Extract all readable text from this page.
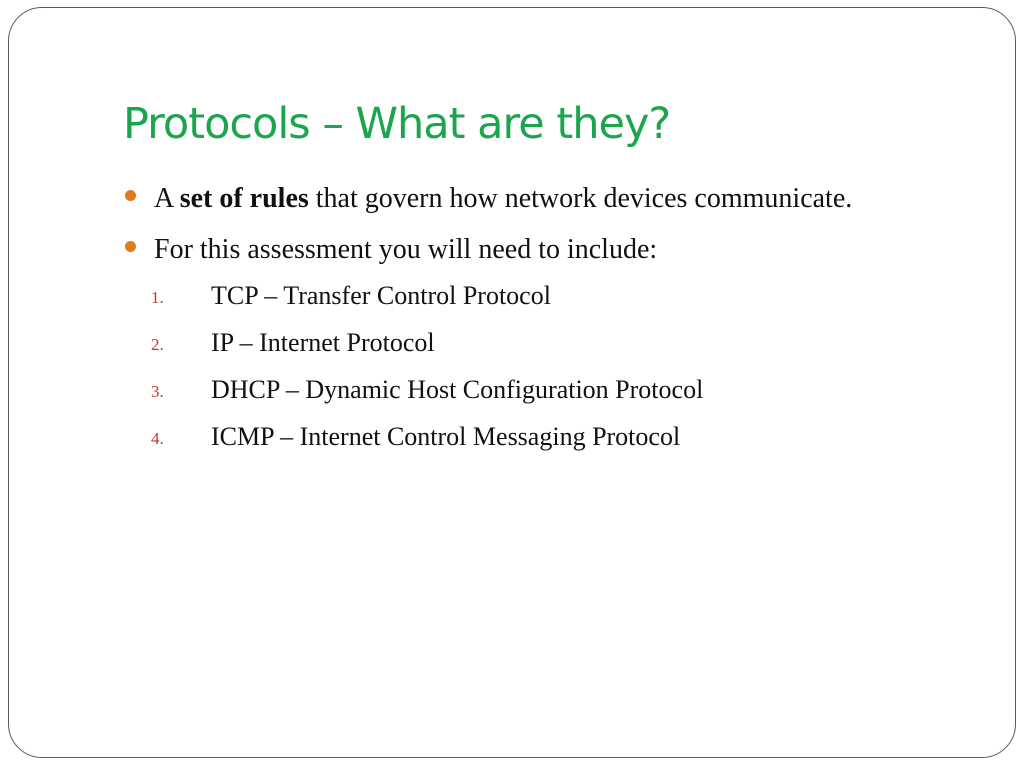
Protocols – What are they?
A set of rules that govern how network devices communicate.
For this assessment you will need to include:
1. TCP – Transfer Control Protocol
2. IP – Internet Protocol
3. DHCP – Dynamic Host Configuration Protocol
4. ICMP – Internet Control Messaging Protocol
